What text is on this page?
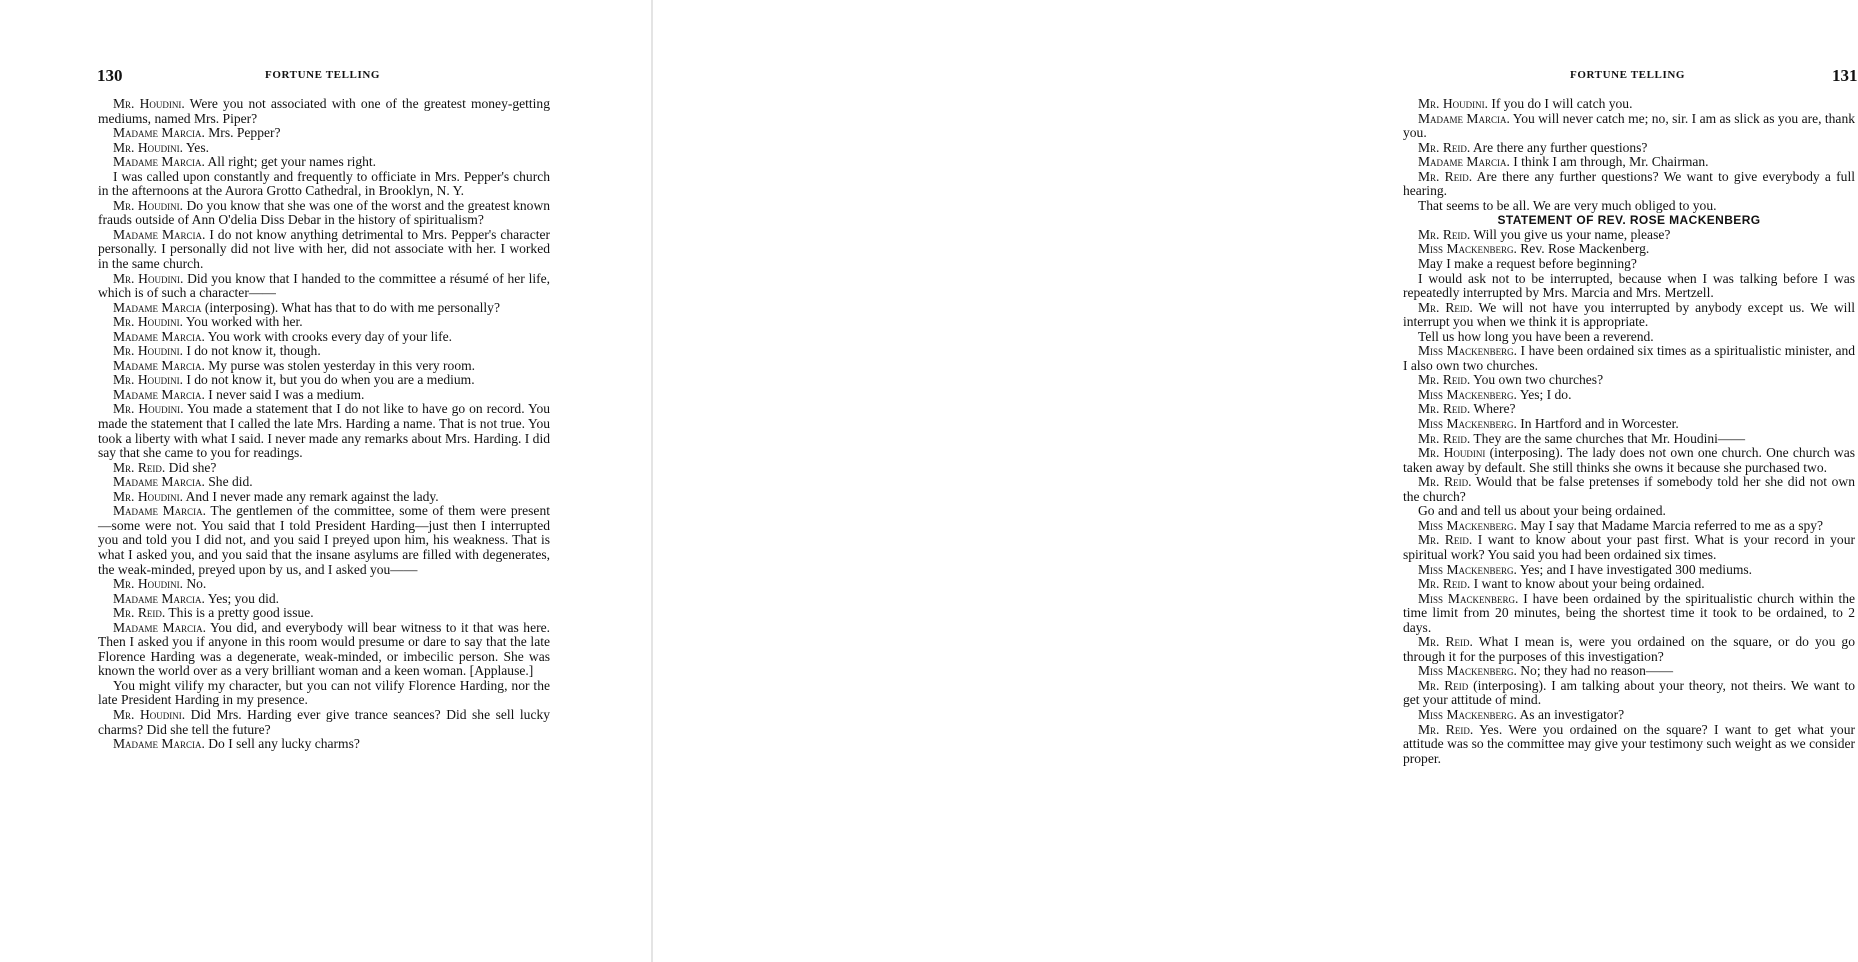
130	FORTUNE TELLING

Mr. Houdini. Were you not associated with one of the greatest money-getting mediums, named Mrs. Piper?

Madame Marcia. Mrs. Pepper?

Mr. Houdini. Yes.

Madame Marcia. All right; get your names right.

I was called upon constantly and frequently to officiate in Mrs. Pepper's church in the afternoons at the Aurora Grotto Cathedral, in Brooklyn, N. Y.

Mr. Houdini. Do you know that she was one of the worst and the greatest known frauds outside of Ann O'delia Diss Debar in the history of spiritualism?

Madame Marcia. I do not know anything detrimental to Mrs. Pepper's character personally. I personally did not live with her, did not associate with her. I worked in the same church.

Mr. Houdini. Did you know that I handed to the committee a résumé of her life, which is of such a character——

Madame Marcia (interposing). What has that to do with me personally?

Mr. Houdini. You worked with her.

Madame Marcia. You work with crooks every day of your life.

Mr. Houdini. I do not know it, though.

Madame Marcia. My purse was stolen yesterday in this very room.

Mr. Houdini. I do not know it, but you do when you are a medium.

Madame Marcia. I never said I was a medium.

Mr. Houdini. You made a statement that I do not like to have go on record. You made the statement that I called the late Mrs. Harding a name. That is not true. You took a liberty with what I said. I never made any remarks about Mrs. Harding. I did say that she came to you for readings.

Mr. Reid. Did she?

Madame Marcia. She did.

Mr. Houdini. And I never made any remark against the lady.

Madame Marcia. The gentlemen of the committee, some of them were present—some were not. You said that I told President Harding—just then I interrupted you and told you I did not, and you said I preyed upon him, his weakness. That is what I asked you, and you said that the insane asylums are filled with degenerates, the weak-minded, preyed upon by us, and I asked you——

Mr. Houdini. No.

Madame Marcia. Yes; you did.

Mr. Reid. This is a pretty good issue.

Madame Marcia. You did, and everybody will bear witness to it that was here. Then I asked you if anyone in this room would presume or dare to say that the late Florence Harding was a degenerate, weak-minded, or imbecilic person. She was known the world over as a very brilliant woman and a keen woman. [Applause.]

You might vilify my character, but you can not vilify Florence Harding, nor the late President Harding in my presence.

Mr. Houdini. Did Mrs. Harding ever give trance seances? Did she sell lucky charms? Did she tell the future?

Madame Marcia. Do I sell any lucky charms?

131
FORTUNE TELLING

Mr. Houdini. If you do I will catch you.

Madame Marcia. You will never catch me; no, sir. I am as slick as you are, thank you.

Mr. Reid. Are there any further questions?

Madame Marcia. I think I am through, Mr. Chairman.

Mr. Reid. Are there any further questions? We want to give everybody a full hearing.

That seems to be all. We are very much obliged to you.

STATEMENT OF REV. ROSE MACKENBERG

Mr. Reid. Will you give us your name, please?

Miss Mackenberg. Rev. Rose Mackenberg.

May I make a request before beginning?

I would ask not to be interrupted, because when I was talking before I was repeatedly interrupted by Mrs. Marcia and Mrs. Mertzell.

Mr. Reid. We will not have you interrupted by anybody except us. We will interrupt you when we think it is appropriate.

Tell us how long you have been a reverend.

Miss Mackenberg. I have been ordained six times as a spiritualistic minister, and I also own two churches.

Mr. Reid. You own two churches?

Miss Mackenberg. Yes; I do.

Mr. Reid. Where?

Miss Mackenberg. In Hartford and in Worcester.

Mr. Reid. They are the same churches that Mr. Houdini——

Mr. Houdini (interposing). The lady does not own one church. One church was taken away by default. She still thinks she owns it because she purchased two.

Mr. Reid. Would that be false pretenses if somebody told her she did not own the church?

Go and and tell us about your being ordained.

Miss Mackenberg. May I say that Madame Marcia referred to me as a spy?

Mr. Reid. I want to know about your past first. What is your record in your spiritual work? You said you had been ordained six times.

Miss Mackenberg. Yes; and I have investigated 300 mediums.

Mr. Reid. I want to know about your being ordained.

Miss Mackenberg. I have been ordained by the spiritualistic church within the time limit from 20 minutes, being the shortest time it took to be ordained, to 2 days.

Mr. Reid. What I mean is, were you ordained on the square, or do you go through it for the purposes of this investigation?

Miss Mackenberg. No; they had no reason——

Mr. Reid (interposing). I am talking about your theory, not theirs. We want to get your attitude of mind.

Miss Mackenberg. As an investigator?

Mr. Reid. Yes. Were you ordained on the square? I want to get what your attitude was so the committee may give your testimony such weight as we consider proper.
